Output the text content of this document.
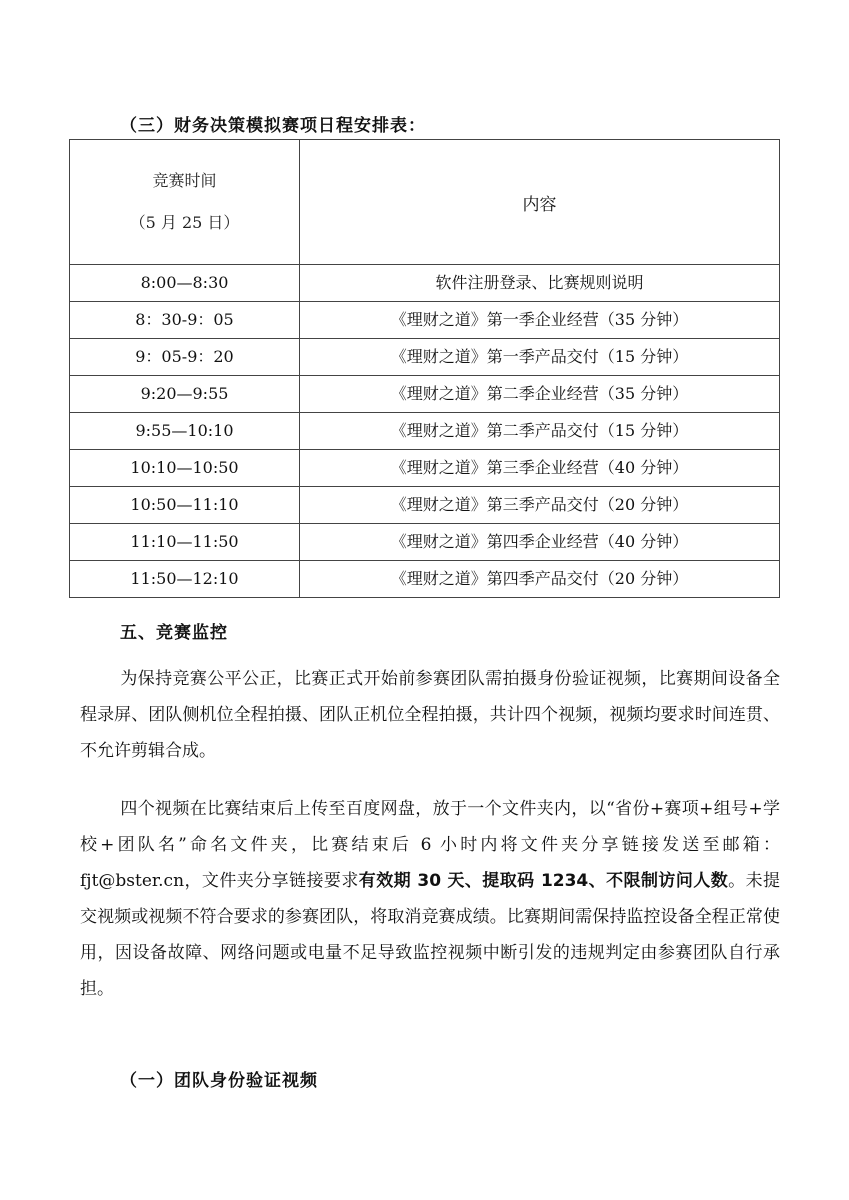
（三）财务决策模拟赛项日程安排表：
竞赛时间
（5 月 25 日）	内容
8:00—8:30	软件注册登录、比赛规则说明
8：30-9：05	《理财之道》第一季企业经营（35 分钟）
9：05-9：20	《理财之道》第一季产品交付（15 分钟）
9:20—9:55	《理财之道》第二季企业经营（35 分钟）
9:55—10:10	《理财之道》第二季产品交付（15 分钟）
10:10—10:50	《理财之道》第三季企业经营（40 分钟）
10:50—11:10	《理财之道》第三季产品交付（20 分钟）
11:10—11:50	《理财之道》第四季企业经营（40 分钟）
11:50—12:10	《理财之道》第四季产品交付（20 分钟）
五、竞赛监控
为保持竞赛公平公正，比赛正式开始前参赛团队需拍摄身份验证视频，比赛期间设备全程录屏、团队侧机位全程拍摄、团队正机位全程拍摄，共计四个视频，视频均要求时间连贯、不允许剪辑合成。
四个视频在比赛结束后上传至百度网盘，放于一个文件夹内，以“省份+赛项+组号+学校+团队名”命名文件夹，比赛结束后 6 小时内将文件夹分享链接发送至邮箱：fjt@bster.cn，文件夹分享链接要求有效期 30 天、提取码 1234、不限制访问人数。未提交视频或视频不符合要求的参赛团队，将取消竞赛成绩。比赛期间需保持监控设备全程正常使用，因设备故障、网络问题或电量不足导致监控视频中断引发的违规判定由参赛团队自行承担。
（一）团队身份验证视频
